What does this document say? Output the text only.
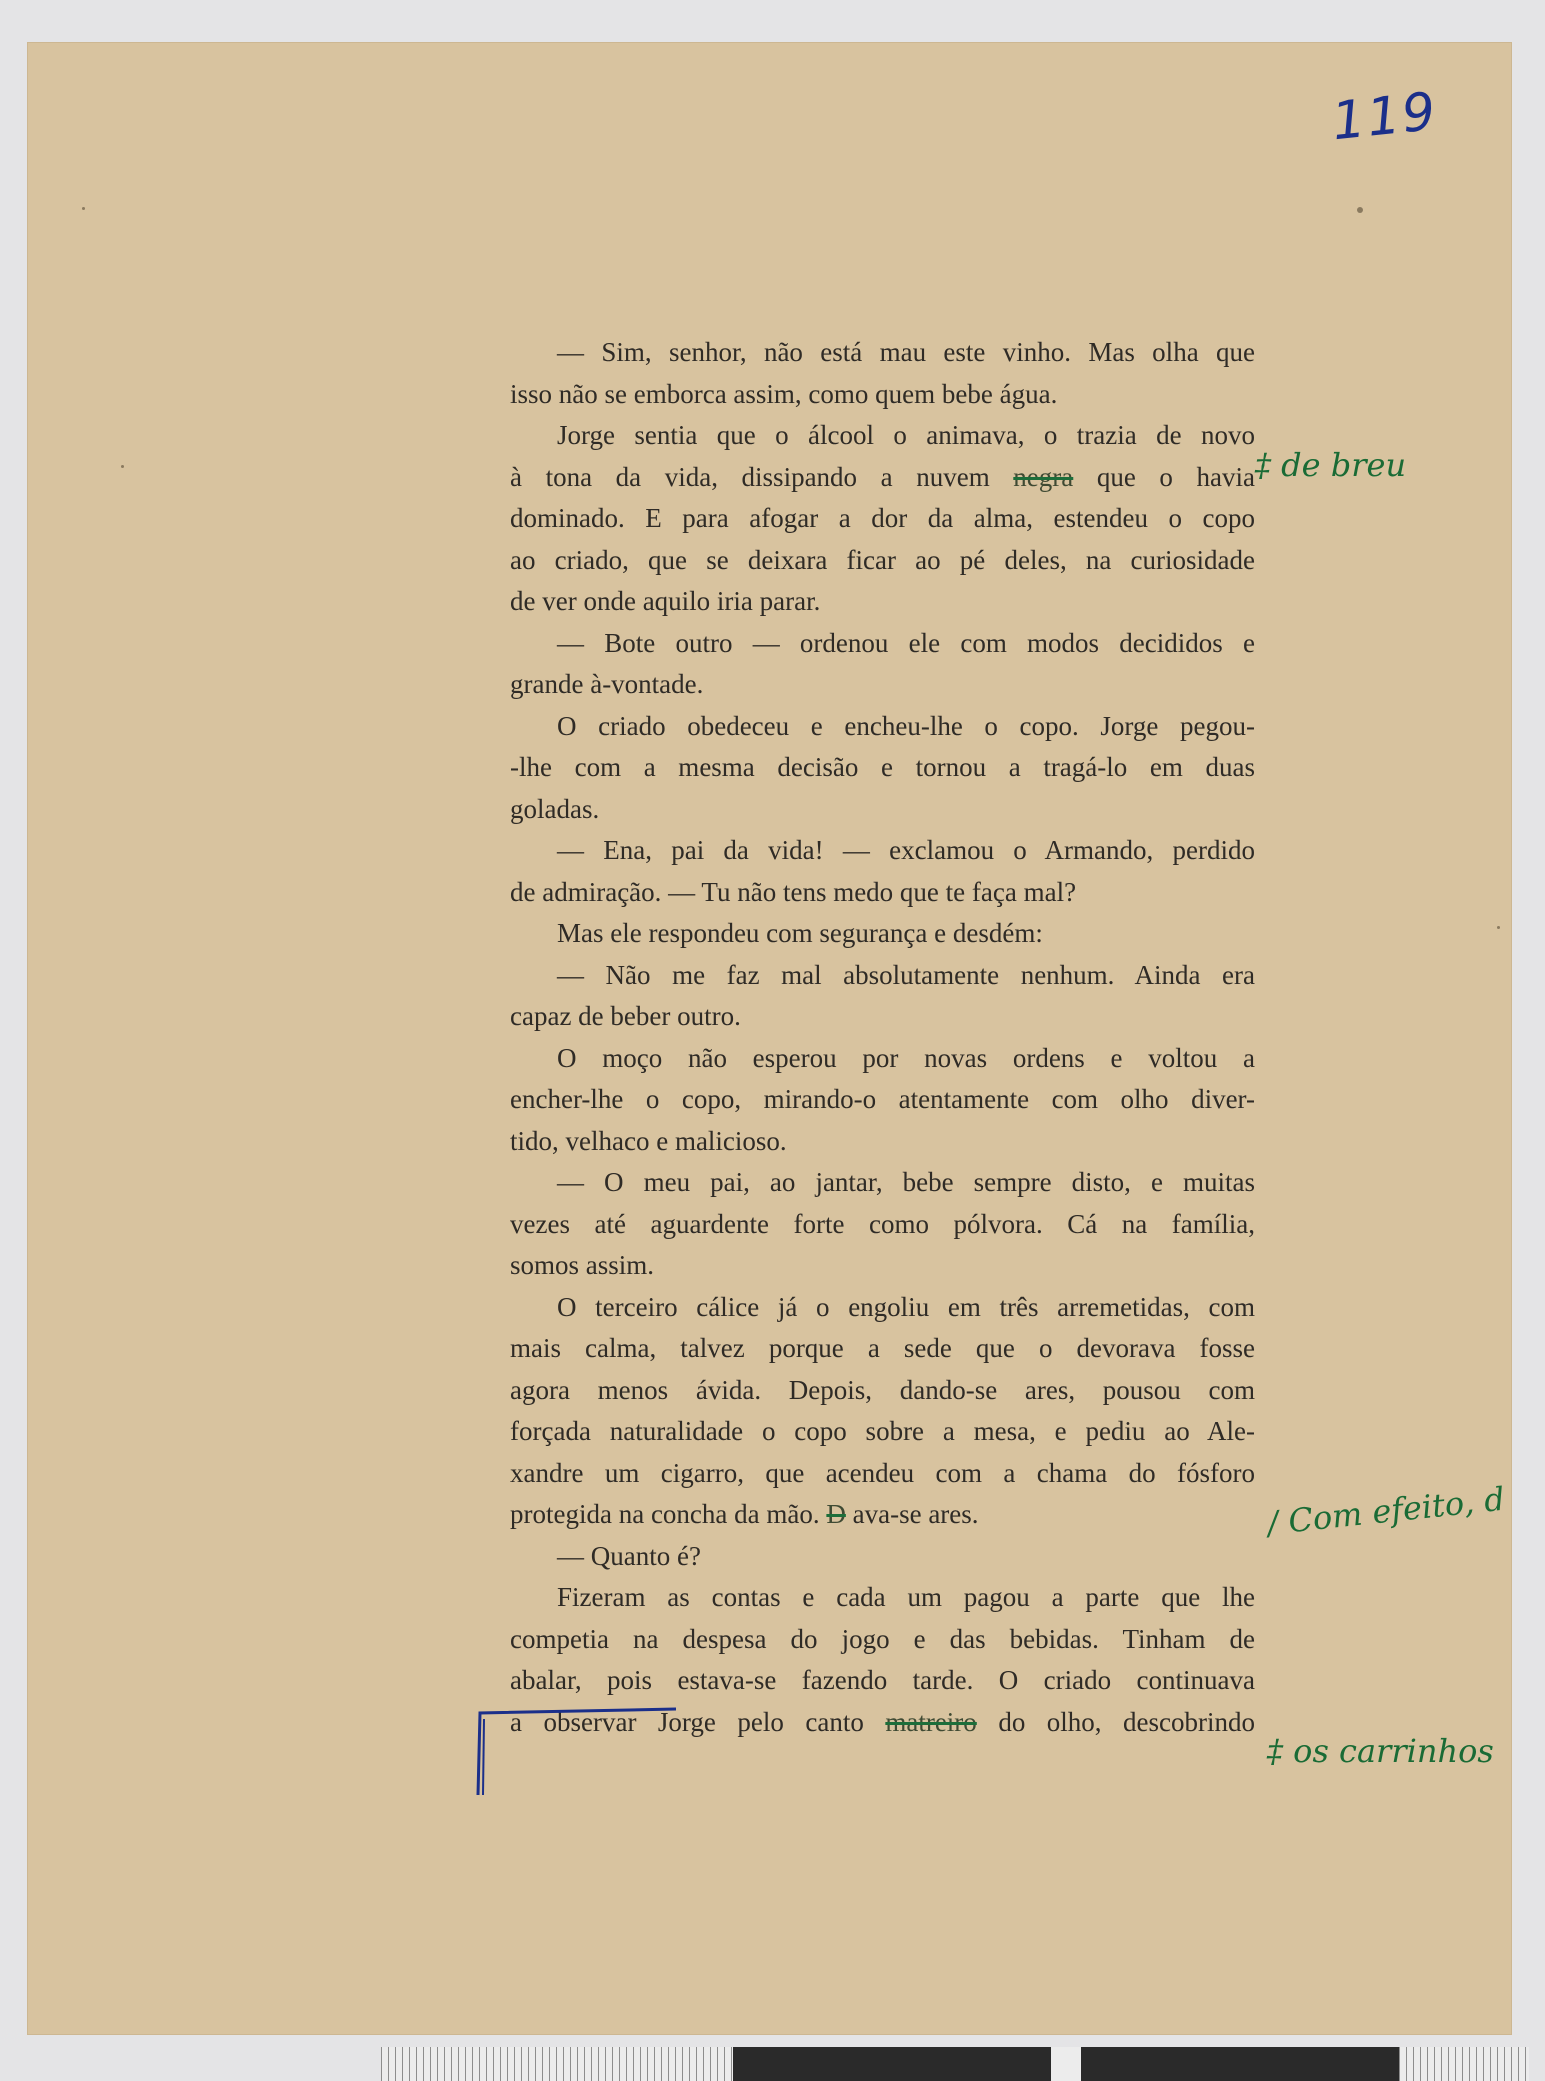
119
— Sim, senhor, não está mau este vinho. Mas olha que
isso não se emborca assim, como quem bebe água.
Jorge sentia que o álcool o animava, o trazia de novo
à tona da vida, dissipando a nuvem negra que o havia
dominado. E para afogar a dor da alma, estendeu o copo
ao criado, que se deixara ficar ao pé deles, na curiosidade
de ver onde aquilo iria parar.
— Bote outro — ordenou ele com modos decididos e
grande à-vontade.
O criado obedeceu e encheu-lhe o copo. Jorge pegou-
-lhe com a mesma decisão e tornou a tragá-lo em duas
goladas.
— Ena, pai da vida! — exclamou o Armando, perdido
de admiração. — Tu não tens medo que te faça mal?
Mas ele respondeu com segurança e desdém:
— Não me faz mal absolutamente nenhum. Ainda era
capaz de beber outro.
O moço não esperou por novas ordens e voltou a
encher-lhe o copo, mirando-o atentamente com olho diver-
tido, velhaco e malicioso.
— O meu pai, ao jantar, bebe sempre disto, e muitas
vezes até aguardente forte como pólvora. Cá na família,
somos assim.
O terceiro cálice já o engoliu em três arremetidas, com
mais calma, talvez porque a sede que o devorava fosse
agora menos ávida. Depois, dando-se ares, pousou com
forçada naturalidade o copo sobre a mesa, e pediu ao Ale-
xandre um cigarro, que acendeu com a chama do fósforo
protegida na concha da mão. D ava-se ares.
— Quanto é?
Fizeram as contas e cada um pagou a parte que lhe
competia na despesa do jogo e das bebidas. Tinham de
abalar, pois estava-se fazendo tarde. O criado continuava
a observar Jorge pelo canto matreiro do olho, descobrindo
‡ de breu
/ Com efeito, d
‡ os carrinhos
